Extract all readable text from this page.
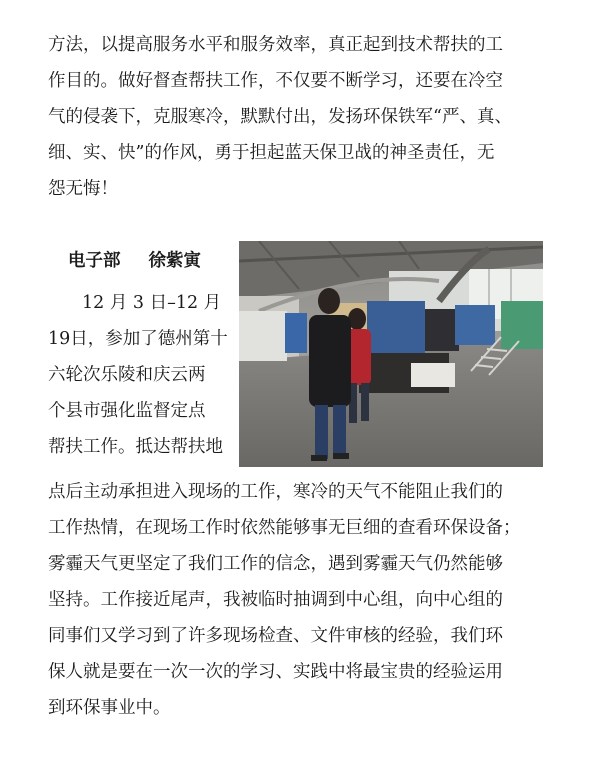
方法，以提高服务水平和服务效率，真正起到技术帮扶的工
作目的。做好督查帮扶工作，不仅要不断学习，还要在冷空
气的侵袭下，克服寒冷，默默付出，发扬环保铁军“严、真、
细、实、快”的作风，勇于担起蓝天保卫战的神圣责任，无
怨无悔！
电子部 徐紫寅
12 月 3 日–12 月
19日，参加了德州第十
六轮次乐陵和庆云两
个县市强化监督定点
帮扶工作。抵达帮扶地
点后主动承担进入现场的工作，寒冷的天气不能阻止我们的
工作热情，在现场工作时依然能够事无巨细的查看环保设备；
雾霾天气更坚定了我们工作的信念，遇到雾霾天气仍然能够
坚持。工作接近尾声，我被临时抽调到中心组，向中心组的
同事们又学习到了许多现场检查、文件审核的经验，我们环
保人就是要在一次一次的学习、实践中将最宝贵的经验运用
到环保事业中。
